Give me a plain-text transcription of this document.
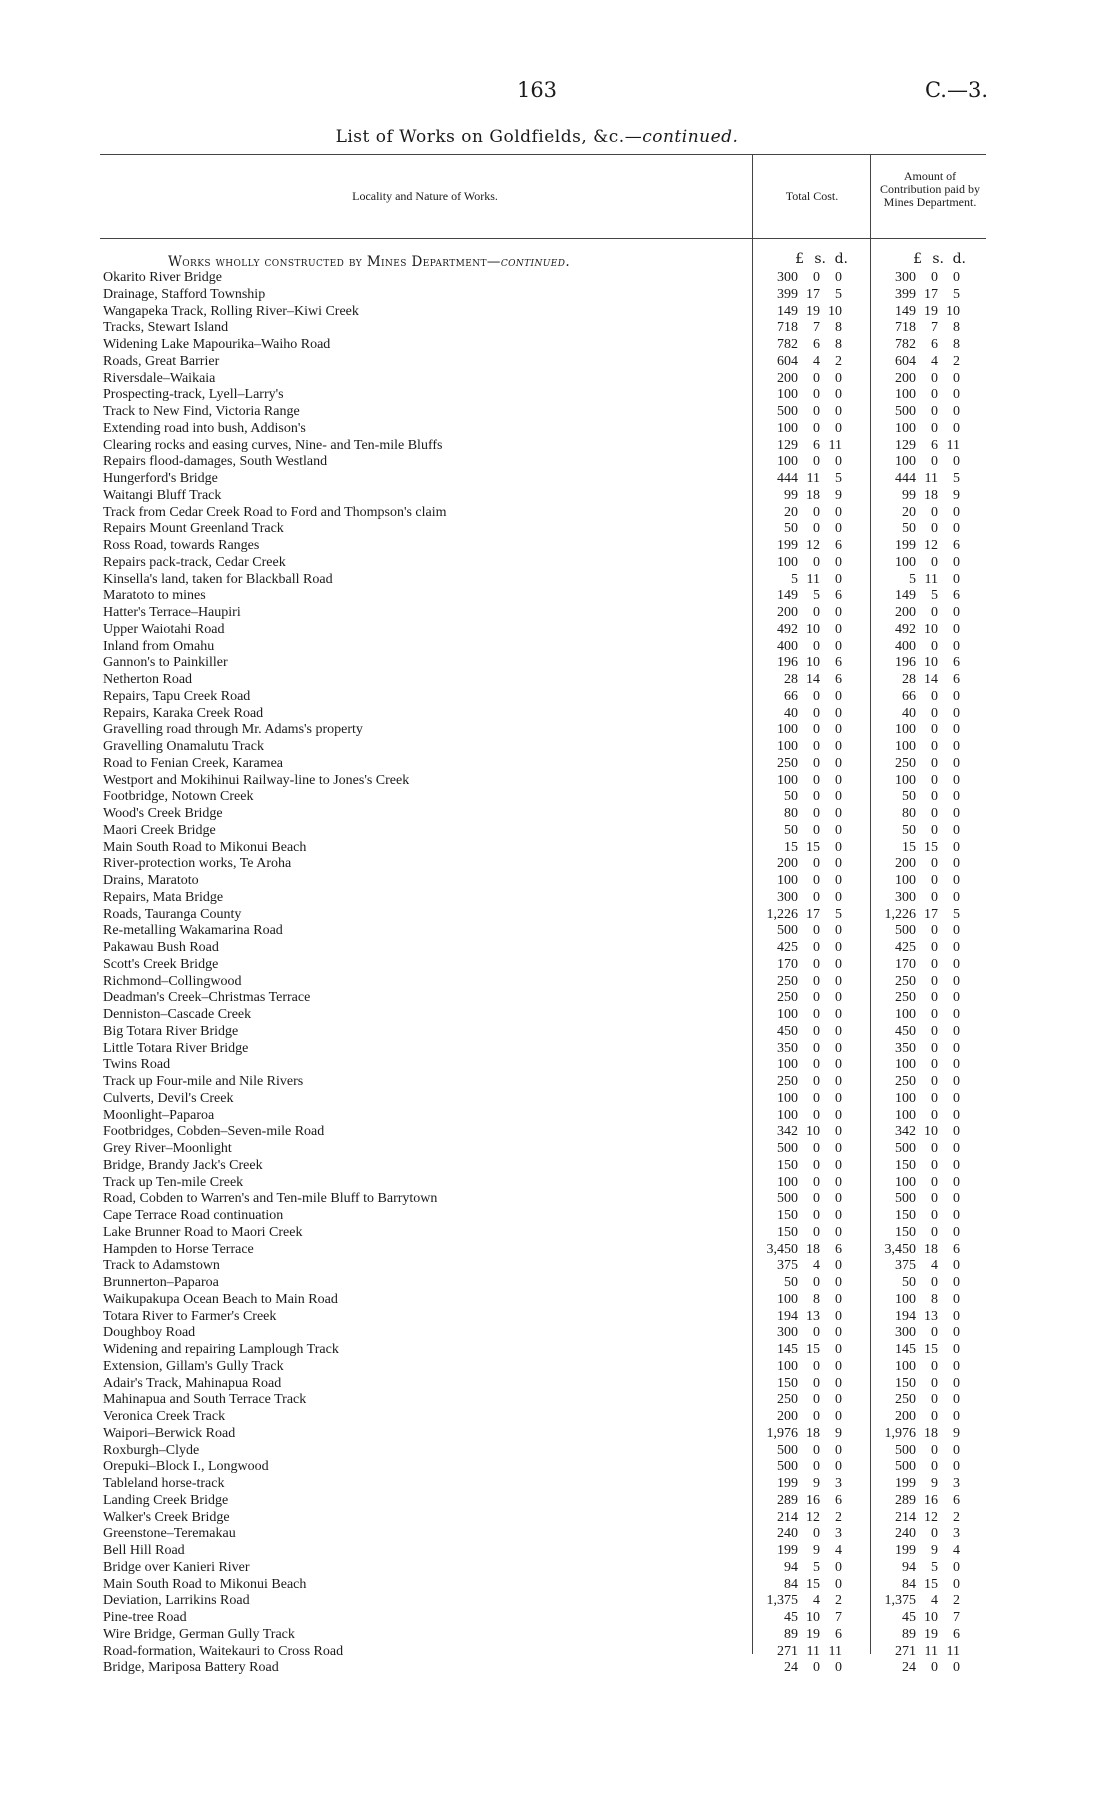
163	C.—3.
List of Works on Goldfields, &c.—continued.
Locality and Nature of Works.	Total Cost.
Amount of Contribution paid by Mines Department.
Works wholly constructed by Mines Department—continued.	£ s. d.	£ s. d.
Okarito River Bridge	300 0 0	300 0 0
Drainage, Stafford Township	399 17 5	399 17 5
Wangapeka Track, Rolling River–Kiwi Creek	149 19 10	149 19 10
Tracks, Stewart Island	718 7 8	718 7 8
Widening Lake Mapourika–Waiho Road	782 6 8	782 6 8
Roads, Great Barrier	604 4 2	604 4 2
Riversdale–Waikaia	200 0 0	200 0 0
Prospecting-track, Lyell–Larry's	100 0 0	100 0 0
Track to New Find, Victoria Range	500 0 0	500 0 0
Extending road into bush, Addison's	100 0 0	100 0 0
Clearing rocks and easing curves, Nine- and Ten-mile Bluffs	129 6 11	129 6 11
Repairs flood-damages, South Westland	100 0 0	100 0 0
Hungerford's Bridge	444 11 5	444 11 5
Waitangi Bluff Track	99 18 9	99 18 9
Track from Cedar Creek Road to Ford and Thompson's claim	20 0 0	20 0 0
Repairs Mount Greenland Track	50 0 0	50 0 0
Ross Road, towards Ranges	199 12 6	199 12 6
Repairs pack-track, Cedar Creek	100 0 0	100 0 0
Kinsella's land, taken for Blackball Road	5 11 0	5 11 0
Maratoto to mines	149 5 6	149 5 6
Hatter's Terrace–Haupiri	200 0 0	200 0 0
Upper Waiotahi Road	492 10 0	492 10 0
Inland from Omahu	400 0 0	400 0 0
Gannon's to Painkiller	196 10 6	196 10 6
Netherton Road	28 14 6	28 14 6
Repairs, Tapu Creek Road	66 0 0	66 0 0
Repairs, Karaka Creek Road	40 0 0	40 0 0
Gravelling road through Mr. Adams's property	100 0 0	100 0 0
Gravelling Onamalutu Track	100 0 0	100 0 0
Road to Fenian Creek, Karamea	250 0 0	250 0 0
Westport and Mokihinui Railway-line to Jones's Creek	100 0 0	100 0 0
Footbridge, Notown Creek	50 0 0	50 0 0
Wood's Creek Bridge	80 0 0	80 0 0
Maori Creek Bridge	50 0 0	50 0 0
Main South Road to Mikonui Beach	15 15 0	15 15 0
River-protection works, Te Aroha	200 0 0	200 0 0
Drains, Maratoto	100 0 0	100 0 0
Repairs, Mata Bridge	300 0 0	300 0 0
Roads, Tauranga County	1,226 17 5	1,226 17 5
Re-metalling Wakamarina Road	500 0 0	500 0 0
Pakawau Bush Road	425 0 0	425 0 0
Scott's Creek Bridge	170 0 0	170 0 0
Richmond–Collingwood	250 0 0	250 0 0
Deadman's Creek–Christmas Terrace	250 0 0	250 0 0
Denniston–Cascade Creek	100 0 0	100 0 0
Big Totara River Bridge	450 0 0	450 0 0
Little Totara River Bridge	350 0 0	350 0 0
Twins Road	100 0 0	100 0 0
Track up Four-mile and Nile Rivers	250 0 0	250 0 0
Culverts, Devil's Creek	100 0 0	100 0 0
Moonlight–Paparoa	100 0 0	100 0 0
Footbridges, Cobden–Seven-mile Road	342 10 0	342 10 0
Grey River–Moonlight	500 0 0	500 0 0
Bridge, Brandy Jack's Creek	150 0 0	150 0 0
Track up Ten-mile Creek	100 0 0	100 0 0
Road, Cobden to Warren's and Ten-mile Bluff to Barrytown	500 0 0	500 0 0
Cape Terrace Road continuation	150 0 0	150 0 0
Lake Brunner Road to Maori Creek	150 0 0	150 0 0
Hampden to Horse Terrace	3,450 18 6	3,450 18 6
Track to Adamstown	375 4 0	375 4 0
Brunnerton–Paparoa	50 0 0	50 0 0
Waikupakupa Ocean Beach to Main Road	100 8 0	100 8 0
Totara River to Farmer's Creek	194 13 0	194 13 0
Doughboy Road	300 0 0	300 0 0
Widening and repairing Lamplough Track	145 15 0	145 15 0
Extension, Gillam's Gully Track	100 0 0	100 0 0
Adair's Track, Mahinapua Road	150 0 0	150 0 0
Mahinapua and South Terrace Track	250 0 0	250 0 0
Veronica Creek Track	200 0 0	200 0 0
Waipori–Berwick Road	1,976 18 9	1,976 18 9
Roxburgh–Clyde	500 0 0	500 0 0
Orepuki–Block I., Longwood	500 0 0	500 0 0
Tableland horse-track	199 9 3	199 9 3
Landing Creek Bridge	289 16 6	289 16 6
Walker's Creek Bridge	214 12 2	214 12 2
Greenstone–Teremakau	240 0 3	240 0 3
Bell Hill Road	199 9 4	199 9 4
Bridge over Kanieri River	94 5 0	94 5 0
Main South Road to Mikonui Beach	84 15 0	84 15 0
Deviation, Larrikins Road	1,375 4 2	1,375 4 2
Pine-tree Road	45 10 7	45 10 7
Wire Bridge, German Gully Track	89 19 6	89 19 6
Road-formation, Waitekauri to Cross Road	271 11 11	271 11 11
Bridge, Mariposa Battery Road	24 0 0	24 0 0
